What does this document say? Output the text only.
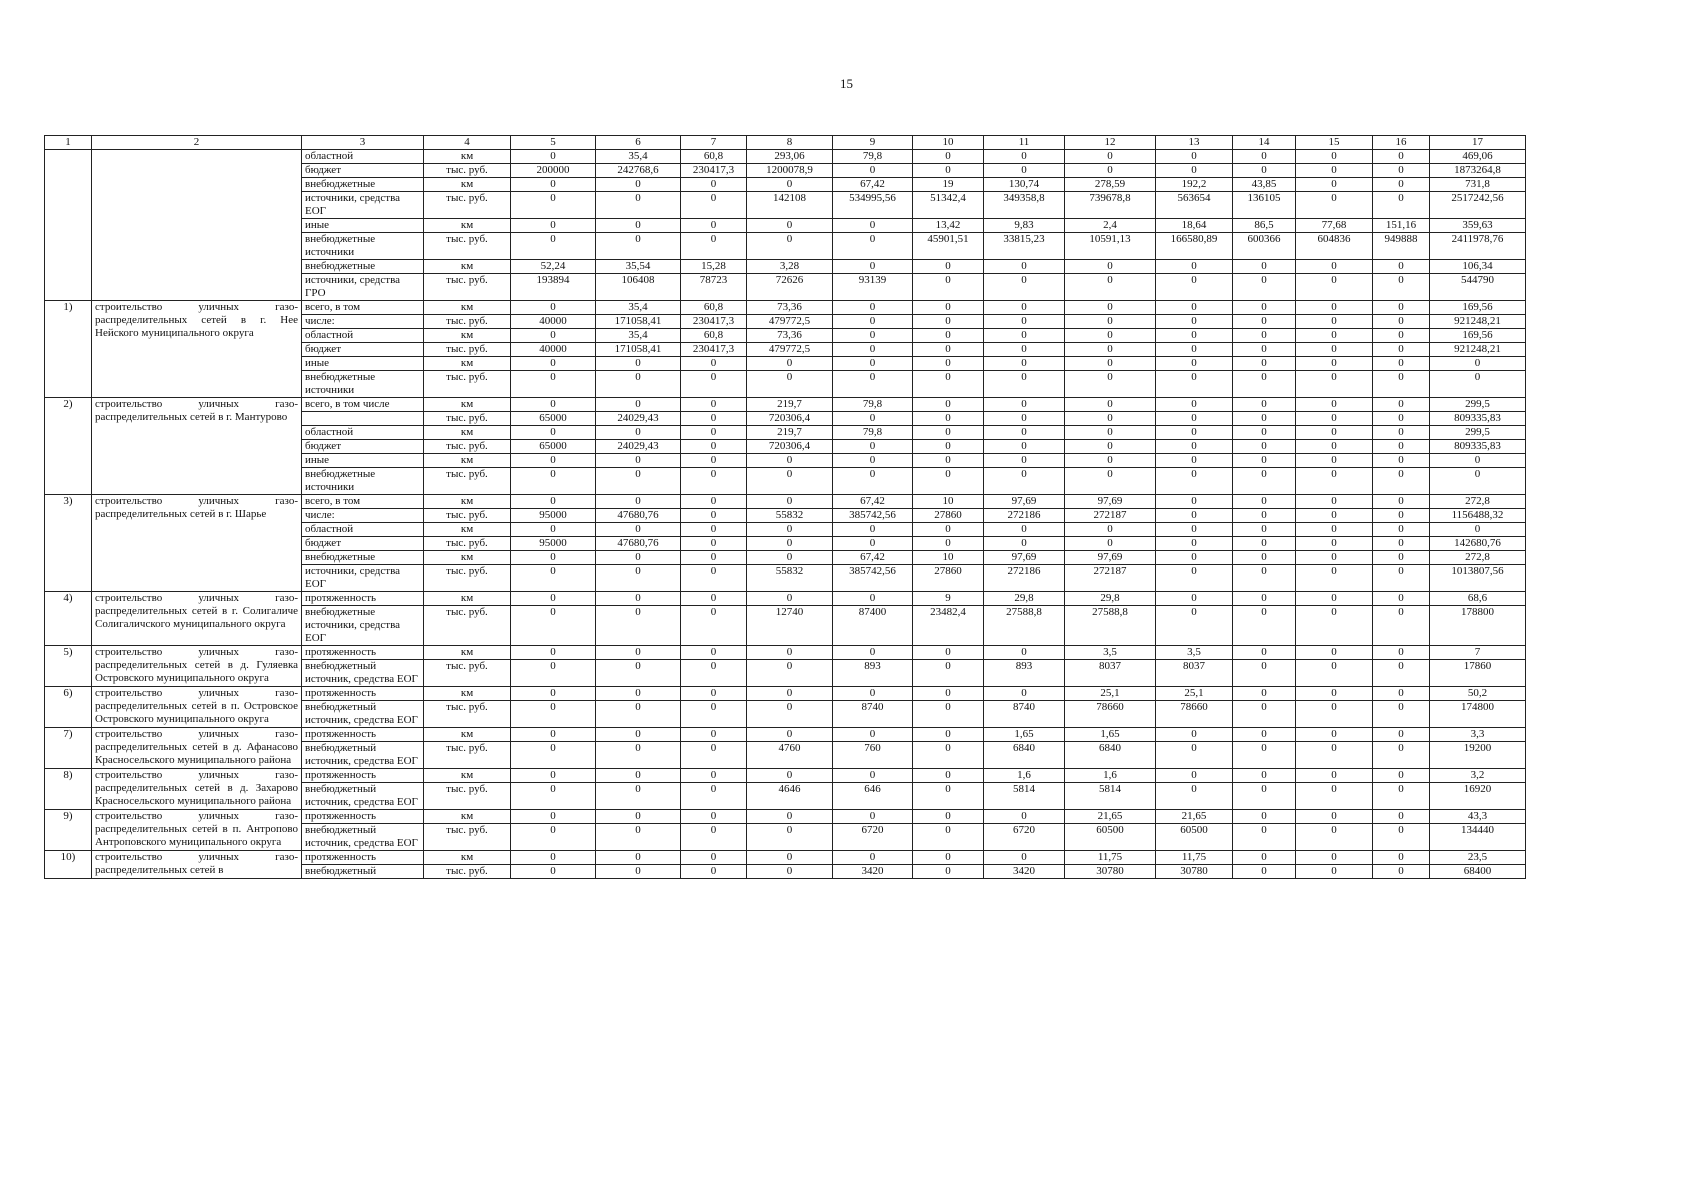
15
1	2	3	4	5	6	7	8	9	10	11	12	13	14	15	16	17
		областной	км	0	35,4	60,8	293,06	79,8	0	0	0	0	0	0	0	469,06
		бюджет	тыс. руб.	200000	242768,6	230417,3	1200078,9	0	0	0	0	0	0	0	0	1873264,8
		внебюджетные	км	0	0	0	0	67,42	19	130,74	278,59	192,2	43,85	0	0	731,8
		источники, средства ЕОГ	тыс. руб.	0	0	0	142108	534995,56	51342,4	349358,8	739678,8	563654	136105	0	0	2517242,56
		иные	км	0	0	0	0	0	13,42	9,83	2,4	18,64	86,5	77,68	151,16	359,63
		внебюджетные источники	тыс. руб.	0	0	0	0	0	45901,51	33815,23	10591,13	166580,89	600366	604836	949888	2411978,76
		внебюджетные	км	52,24	35,54	15,28	3,28	0	0	0	0	0	0	0	0	106,34
		источники, средства ГРО	тыс. руб.	193894	106408	78723	72626	93139	0	0	0	0	0	0	0	544790
1)	строительство уличных газо-распределительных сетей в г. Нее Нейского муниципального округа	всего, в том	км	0	35,4	60,8	73,36	0	0	0	0	0	0	0	0	169,56
		числе:	тыс. руб.	40000	171058,41	230417,3	479772,5	0	0	0	0	0	0	0	0	921248,21
		областной	км	0	35,4	60,8	73,36	0	0	0	0	0	0	0	0	169,56
		бюджет	тыс. руб.	40000	171058,41	230417,3	479772,5	0	0	0	0	0	0	0	0	921248,21
		иные	км	0	0	0	0	0	0	0	0	0	0	0	0	0
		внебюджетные источники	тыс. руб.	0	0	0	0	0	0	0	0	0	0	0	0	0
2)	строительство уличных газо-распределительных сетей в г. Мантурово	всего, в том числе	км	0	0	0	219,7	79,8	0	0	0	0	0	0	0	299,5
			тыс. руб.	65000	24029,43	0	720306,4	0	0	0	0	0	0	0	0	809335,83
		областной	км	0	0	0	219,7	79,8	0	0	0	0	0	0	0	299,5
		бюджет	тыс. руб.	65000	24029,43	0	720306,4	0	0	0	0	0	0	0	0	809335,83
		иные	км	0	0	0	0	0	0	0	0	0	0	0	0	0
		внебюджетные источники	тыс. руб.	0	0	0	0	0	0	0	0	0	0	0	0	0
3)	строительство уличных газо-распределительных сетей в г. Шарье	всего, в том	км	0	0	0	0	67,42	10	97,69	97,69	0	0	0	0	272,8
		числе:	тыс. руб.	95000	47680,76	0	55832	385742,56	27860	272186	272187	0	0	0	0	1156488,32
		областной	км	0	0	0	0	0	0	0	0	0	0	0	0	0
		бюджет	тыс. руб.	95000	47680,76	0	0	0	0	0	0	0	0	0	0	142680,76
		внебюджетные	км	0	0	0	0	67,42	10	97,69	97,69	0	0	0	0	272,8
		источники, средства ЕОГ	тыс. руб.	0	0	0	55832	385742,56	27860	272186	272187	0	0	0	0	1013807,56
4)	строительство уличных газо-распределительных сетей в г. Солигаличе Солигаличского муниципального округа	протяженность	км	0	0	0	0	0	9	29,8	29,8	0	0	0	0	68,6
		внебюджетные источники, средства ЕОГ	тыс. руб.	0	0	0	12740	87400	23482,4	27588,8	27588,8	0	0	0	0	178800
5)	строительство уличных газо-распределительных сетей в д. Гуляевка Островского муниципального округа	протяженность	км	0	0	0	0	0	0	0	3,5	3,5	0	0	0	7
		внебюджетный источник, средства ЕОГ	тыс. руб.	0	0	0	0	893	0	893	8037	8037	0	0	0	17860
6)	строительство уличных газо-распределительных сетей в п. Островское Островского муниципального округа	протяженность	км	0	0	0	0	0	0	0	25,1	25,1	0	0	0	50,2
		внебюджетный источник, средства ЕОГ	тыс. руб.	0	0	0	0	8740	0	8740	78660	78660	0	0	0	174800
7)	строительство уличных газо-распределительных сетей в д. Афанасово Красносельского муниципального района	протяженность	км	0	0	0	0	0	0	1,65	1,65	0	0	0	0	3,3
		внебюджетный источник, средства ЕОГ	тыс. руб.	0	0	0	4760	760	0	6840	6840	0	0	0	0	19200
8)	строительство уличных газо-распределительных сетей в д. Захарово Красносельского муниципального района	протяженность	км	0	0	0	0	0	0	1,6	1,6	0	0	0	0	3,2
		внебюджетный источник, средства ЕОГ	тыс. руб.	0	0	0	4646	646	0	5814	5814	0	0	0	0	16920
9)	строительство уличных газо-распределительных сетей в п. Антропово Антроповского муниципального округа	протяженность	км	0	0	0	0	0	0	0	21,65	21,65	0	0	0	43,3
		внебюджетный источник, средства ЕОГ	тыс. руб.	0	0	0	0	6720	0	6720	60500	60500	0	0	0	134440
10)	строительство уличных газо-распределительных сетей в	протяженность	км	0	0	0	0	0	0	0	11,75	11,75	0	0	0	23,5
		внебюджетный	тыс. руб.	0	0	0	0	3420	0	3420	30780	30780	0	0	0	68400
